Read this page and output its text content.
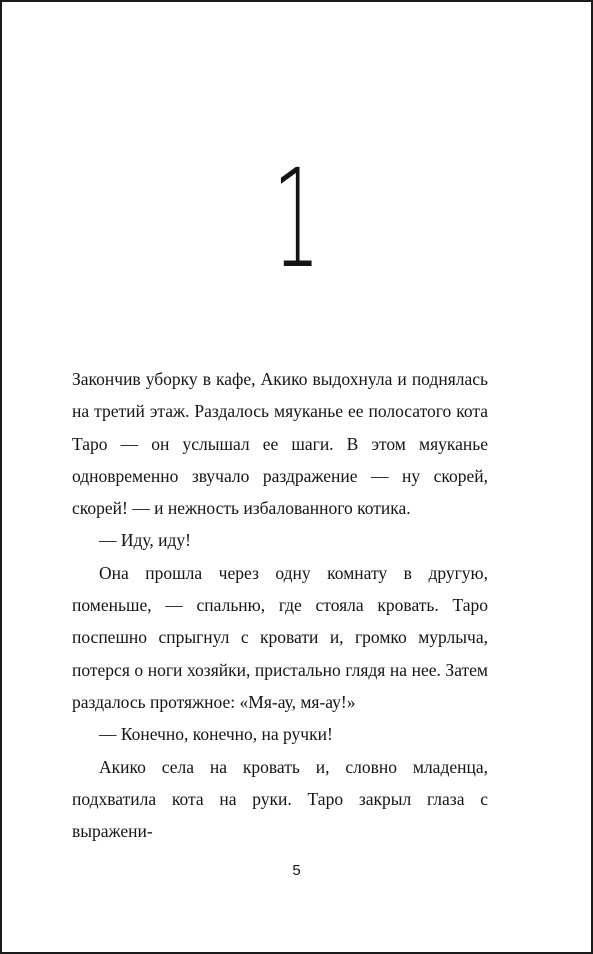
1

Закончив уборку в кафе, Акико выдохнула и поднялась на третий этаж. Раздалось мяуканье ее полосатого кота Таро — он услышал ее шаги. В этом мяуканье одновременно звучало раздражение — ну скорей, скорей! — и нежность избалованного котика.

— Иду, иду!

Она прошла через одну комнату в другую, поменьше, — спальню, где стояла кровать. Таро поспешно спрыгнул с кровати и, громко мурлыча, потерся о ноги хозяйки, пристально глядя на нее. Затем раздалось протяжное: «Мя-ау, мя-ау!»

— Конечно, конечно, на ручки!

Акико села на кровать и, словно младенца, подхватила кота на руки. Таро закрыл глаза с выражени-

5
